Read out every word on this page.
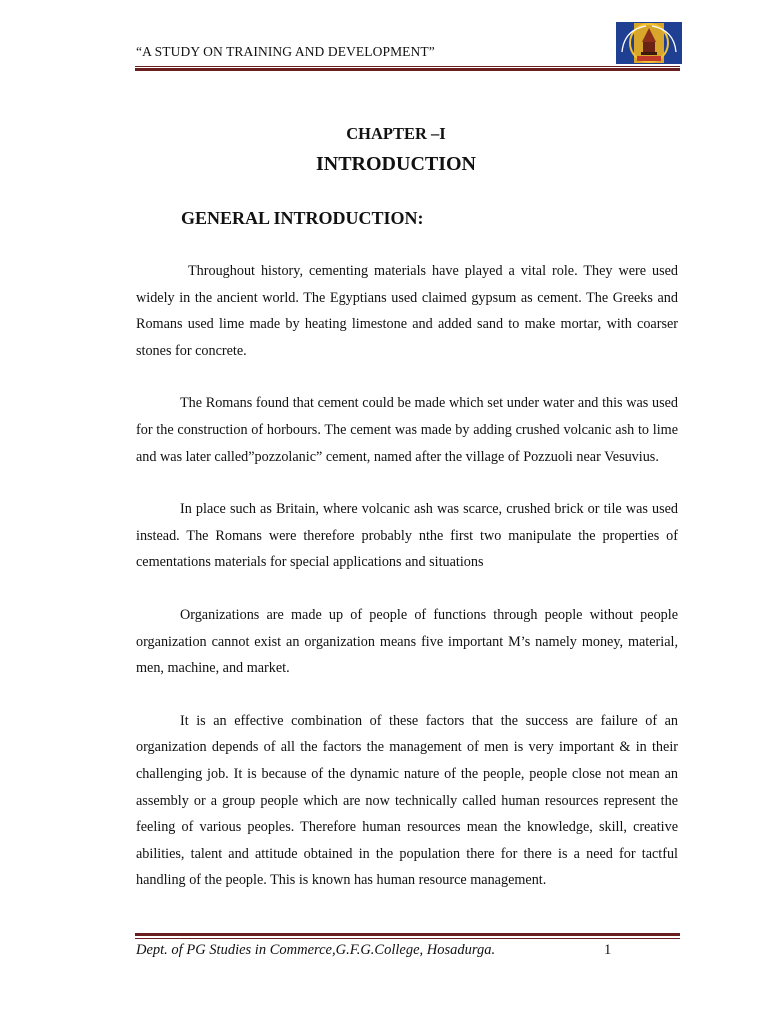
“A STUDY ON TRAINING AND DEVELOPMENT”
CHAPTER –I
INTRODUCTION
GENERAL INTRODUCTION:

Throughout history, cementing materials have played a vital role. They were used widely in the ancient world. The Egyptians used claimed gypsum as cement. The Greeks and Romans used lime made by heating limestone and added sand to make mortar, with coarser stones for concrete.

The Romans found that cement could be made which set under water and this was used for the construction of horbours. The cement was made by adding crushed volcanic ash to lime and was later called”pozzolanic” cement, named after the village of Pozzuoli near Vesuvius.

In place such as Britain, where volcanic ash was scarce, crushed brick or tile was used instead. The Romans were therefore probably nthe first two manipulate the properties of cementations materials for special applications and situations

Organizations are made up of people of functions through people without people organization cannot exist an organization means five important M’s namely money, material, men, machine, and market.

It is an effective combination of these factors that the success are failure of an organization depends of all the factors the management of men is very important & in their challenging job. It is because of the dynamic nature of the people, people close not mean an assembly or a group people which are now technically called human resources represent the feeling of various peoples. Therefore human resources mean the knowledge, skill, creative abilities, talent and attitude obtained in the population there for there is a need for tactful handling of the people. This is known has human resource management.

Dept. of PG Studies in Commerce,G.F.G.College, Hosadurga.	1
